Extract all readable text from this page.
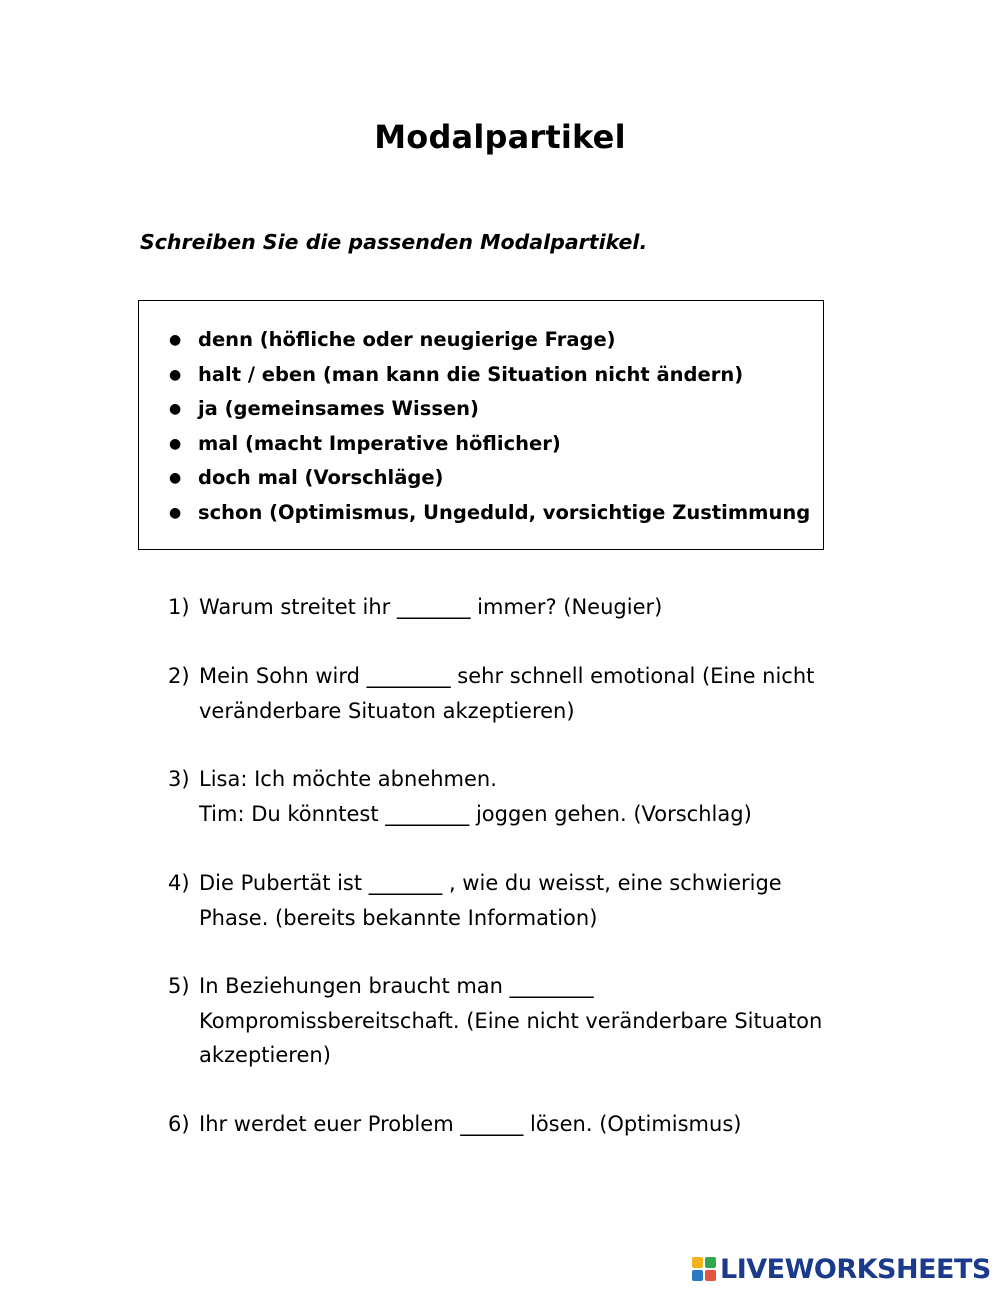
Modalpartikel
Schreiben Sie die passenden Modalpartikel.
● denn (höfliche oder neugierige Frage)
● halt / eben (man kann die Situation nicht ändern)
● ja (gemeinsames Wissen)
● mal (macht Imperative höflicher)
● doch mal (Vorschläge)
● schon (Optimismus, Ungeduld, vorsichtige Zustimmung
1) Warum streitet ihr _______ immer? (Neugier)
2) Mein Sohn wird ________ sehr schnell emotional (Eine nicht
veränderbare Situaton akzeptieren)
3) Lisa: Ich möchte abnehmen.
Tim: Du könntest ________ joggen gehen. (Vorschlag)
4) Die Pubertät ist _______ , wie du weisst, eine schwierige
Phase. (bereits bekannte Information)
5) In Beziehungen braucht man ________
Kompromissbereitschaft. (Eine nicht veränderbare Situaton
akzeptieren)
6) Ihr werdet euer Problem ______ lösen. (Optimismus)
LIVEWORKSHEETS
